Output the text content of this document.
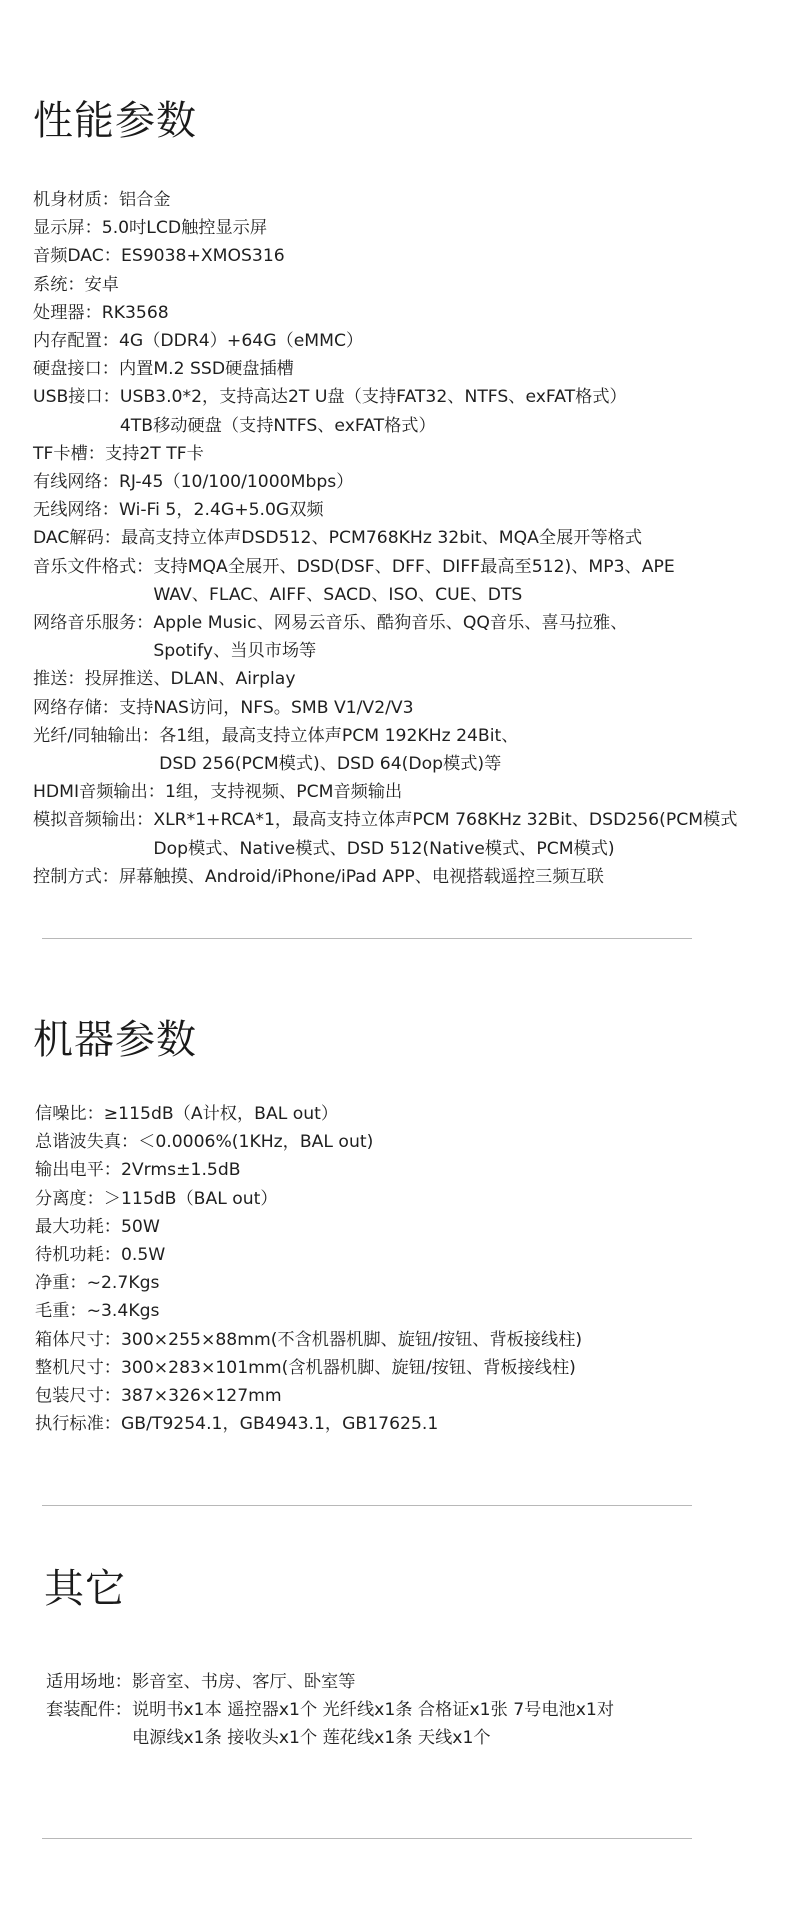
性能参数
机身材质： 铝合金
显示屏： 5.0吋LCD触控显示屏
音频DAC： ES9038+XMOS316
系统： 安卓
处理器： RK3568
内存配置： 4G（DDR4）+64G（eMMC）
硬盘接口： 内置M.2 SSD硬盘插槽
USB接口： USB3.0*2，支持高达2T U盘（支持FAT32、NTFS、exFAT格式）
4TB移动硬盘（支持NTFS、exFAT格式）
TF卡槽： 支持2T TF卡
有线网络： RJ-45（10/100/1000Mbps）
无线网络： Wi-Fi 5，2.4G+5.0G双频
DAC解码： 最高支持立体声DSD512、PCM768KHz 32bit、MQA全展开等格式
音乐文件格式： 支持MQA全展开、DSD(DSF、DFF、DIFF最高至512)、MP3、APE
WAV、FLAC、AIFF、SACD、ISO、CUE、DTS
网络音乐服务： Apple Music、网易云音乐、酷狗音乐、QQ音乐、喜马拉雅、
Spotify、当贝市场等
推送： 投屏推送、DLAN、Airplay
网络存储： 支持NAS访问，NFS。SMB V1/V2/V3
光纤/同轴输出： 各1组，最高支持立体声PCM 192KHz 24Bit、
DSD 256(PCM模式)、DSD 64(Dop模式)等
HDMI音频输出： 1组，支持视频、PCM音频输出
模拟音频输出： XLR*1+RCA*1，最高支持立体声PCM 768KHz 32Bit、DSD256(PCM模式
Dop模式、Native模式、DSD 512(Native模式、PCM模式)
控制方式： 屏幕触摸、Android/iPhone/iPad APP、电视搭载遥控三频互联
机器参数
信噪比： ≥115dB（A计权，BAL out）
总谐波失真： ＜0.0006%(1KHz，BAL out)
输出电平： 2Vrms±1.5dB
分离度： ＞115dB（BAL out）
最大功耗： 50W
待机功耗： 0.5W
净重： ~2.7Kgs
毛重： ~3.4Kgs
箱体尺寸： 300×255×88mm(不含机器机脚、旋钮/按钮、背板接线柱)
整机尺寸： 300×283×101mm(含机器机脚、旋钮/按钮、背板接线柱)
包装尺寸： 387×326×127mm
执行标准： GB/T9254.1，GB4943.1，GB17625.1
其它
适用场地： 影音室、书房、客厅、卧室等
套装配件： 说明书x1本 遥控器x1个 光纤线x1条 合格证x1张 7号电池x1对
电源线x1条 接收头x1个 莲花线x1条 天线x1个
